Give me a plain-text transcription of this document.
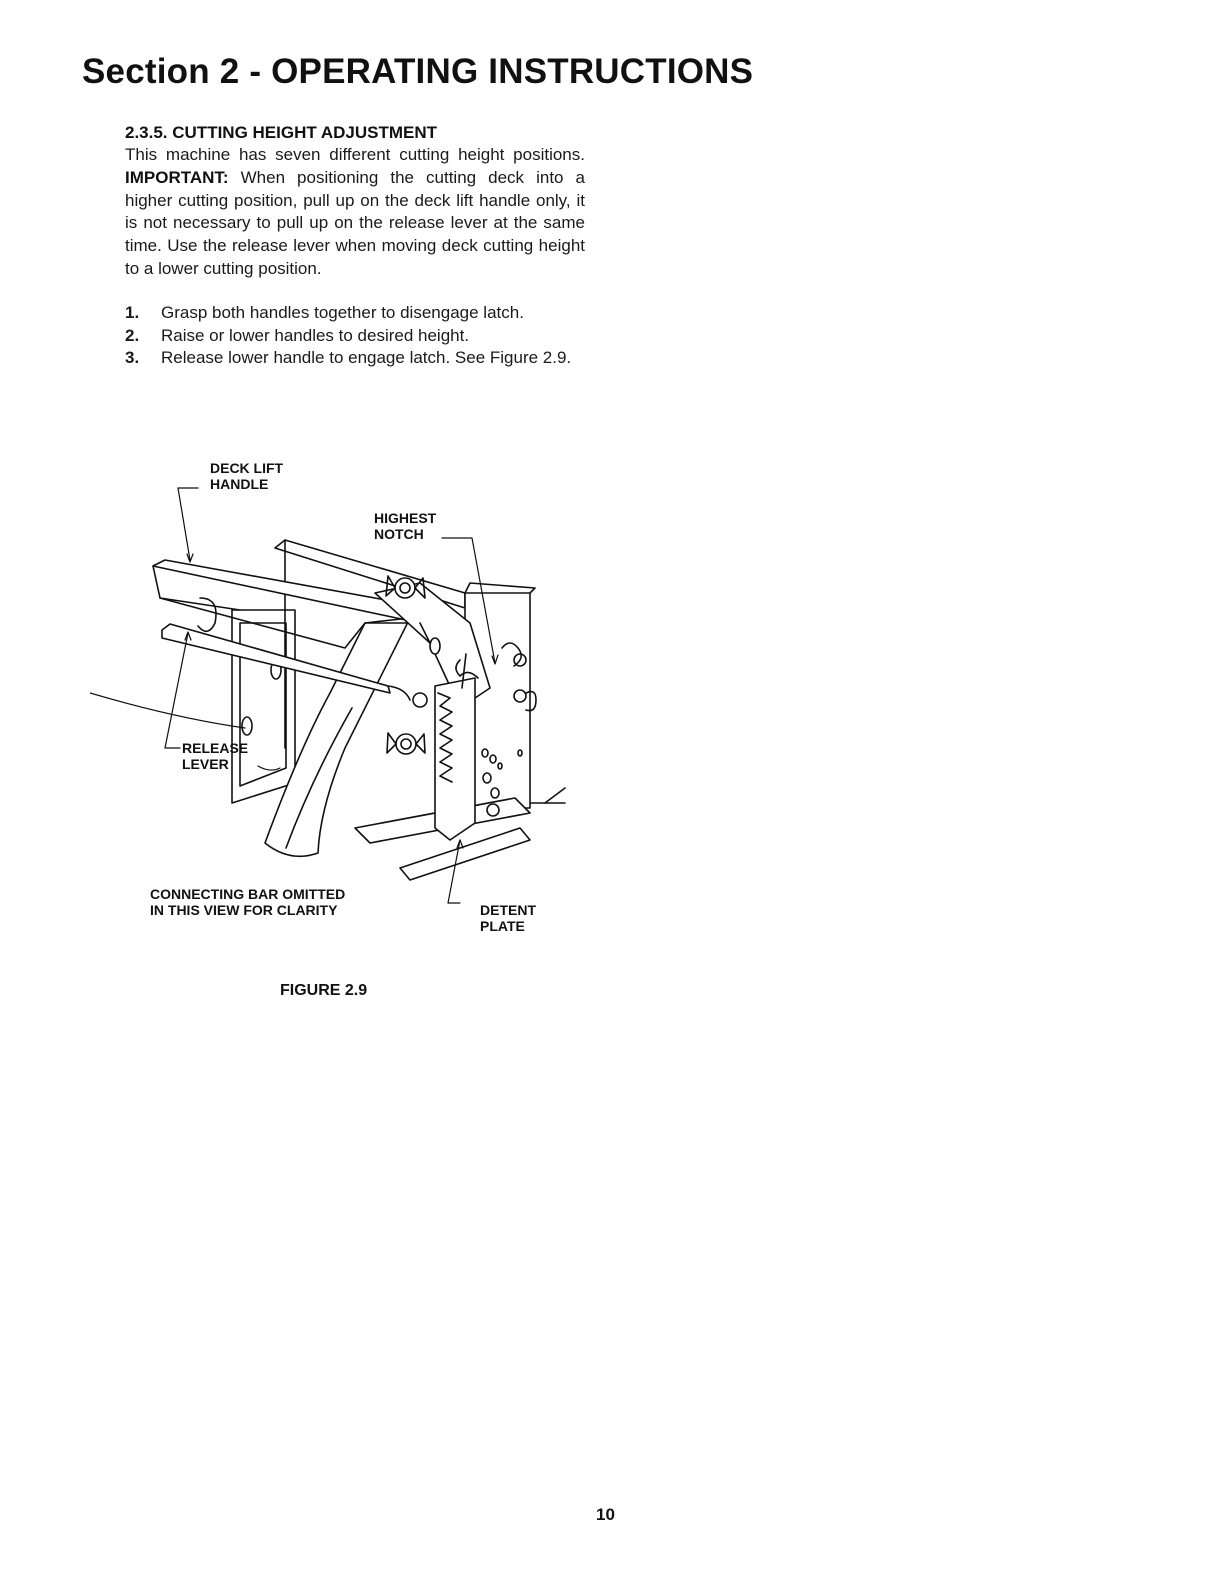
Section 2 - OPERATING INSTRUCTIONS
2.3.5. CUTTING HEIGHT ADJUSTMENT

This machine has seven different cutting height positions. IMPORTANT: When positioning the cutting deck into a higher cutting position, pull up on the deck lift handle only, it is not necessary to pull up on the release lever at the same time. Use the release lever when moving deck cutting height to a lower cutting position.

1. Grasp both handles together to disengage latch.
2. Raise or lower handles to desired height.
3. Release lower handle to engage latch. See Figure 2.9.
DECK LIFT
HANDLE
HIGHEST
NOTCH
RELEASE
LEVER
CONNECTING BAR OMITTED
IN THIS VIEW FOR CLARITY	DETENT
PLATE
FIGURE 2.9
10
